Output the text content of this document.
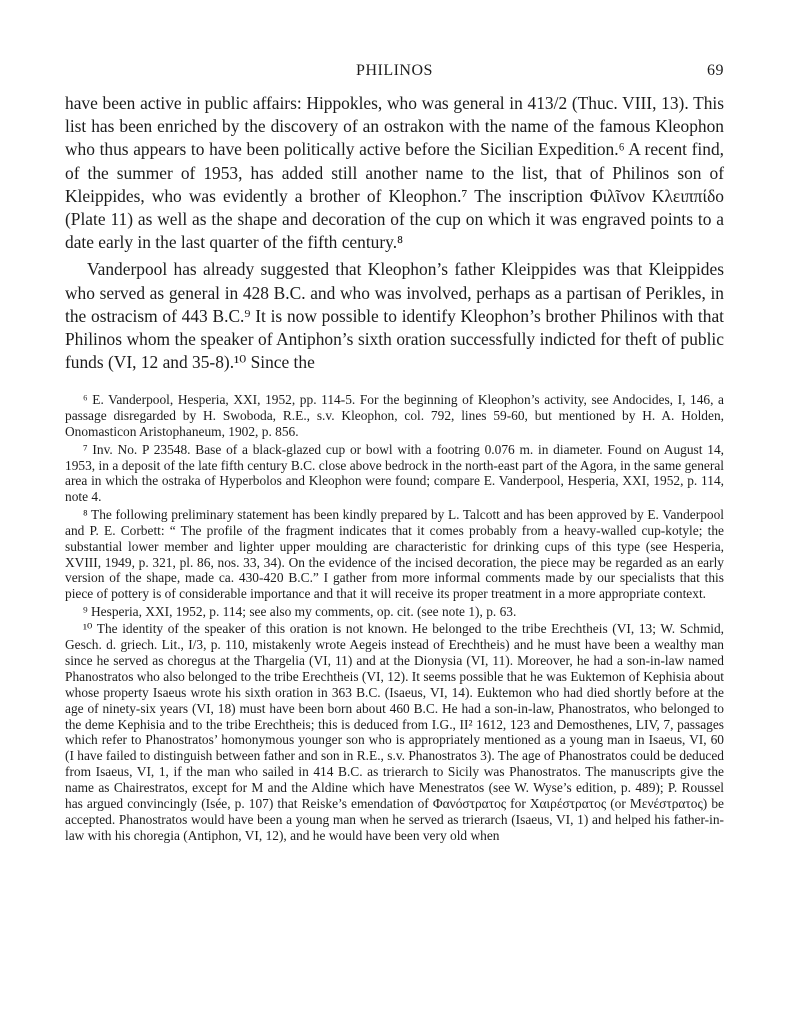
PHILINOS	69

have been active in public affairs: Hippokles, who was general in 413/2 (Thuc. VIII, 13). This list has been enriched by the discovery of an ostrakon with the name of the famous Kleophon who thus appears to have been politically active before the Sicilian Expedition.⁶ A recent find, of the summer of 1953, has added still another name to the list, that of Philinos son of Kleippides, who was evidently a brother of Kleophon.⁷ The inscription Φιλῖνον Κλειππίδο (Plate 11) as well as the shape and decoration of the cup on which it was engraved points to a date early in the last quarter of the fifth century.⁸

Vanderpool has already suggested that Kleophon’s father Kleippides was that Kleippides who served as general in 428 B.C. and who was involved, perhaps as a partisan of Perikles, in the ostracism of 443 B.C.⁹ It is now possible to identify Kleophon’s brother Philinos with that Philinos whom the speaker of Antiphon’s sixth oration successfully indicted for theft of public funds (VI, 12 and 35-8).¹⁰ Since the

⁶ E. Vanderpool, Hesperia, XXI, 1952, pp. 114-5. For the beginning of Kleophon’s activity, see Andocides, I, 146, a passage disregarded by H. Swoboda, R.E., s.v. Kleophon, col. 792, lines 59-60, but mentioned by H. A. Holden, Onomasticon Aristophaneum, 1902, p. 856.

⁷ Inv. No. P 23548. Base of a black-glazed cup or bowl with a footring 0.076 m. in diameter. Found on August 14, 1953, in a deposit of the late fifth century B.C. close above bedrock in the north-east part of the Agora, in the same general area in which the ostraka of Hyperbolos and Kleophon were found; compare E. Vanderpool, Hesperia, XXI, 1952, p. 114, note 4.

⁸ The following preliminary statement has been kindly prepared by L. Talcott and has been approved by E. Vanderpool and P. E. Corbett: “ The profile of the fragment indicates that it comes probably from a heavy-walled cup-kotyle; the substantial lower member and lighter upper moulding are characteristic for drinking cups of this type (see Hesperia, XVIII, 1949, p. 321, pl. 86, nos. 33, 34). On the evidence of the incised decoration, the piece may be regarded as an early version of the shape, made ca. 430-420 B.C.” I gather from more informal comments made by our specialists that this piece of pottery is of considerable importance and that it will receive its proper treatment in a more appropriate context.

⁹ Hesperia, XXI, 1952, p. 114; see also my comments, op. cit. (see note 1), p. 63.

¹⁰ The identity of the speaker of this oration is not known. He belonged to the tribe Erechtheis (VI, 13; W. Schmid, Gesch. d. griech. Lit., I/3, p. 110, mistakenly wrote Aegeis instead of Erechtheis) and he must have been a wealthy man since he served as choregus at the Thargelia (VI, 11) and at the Dionysia (VI, 11). Moreover, he had a son-in-law named Phanostratos who also belonged to the tribe Erechtheis (VI, 12). It seems possible that he was Euktemon of Kephisia about whose property Isaeus wrote his sixth oration in 363 B.C. (Isaeus, VI, 14). Euktemon who had died shortly before at the age of ninety-six years (VI, 18) must have been born about 460 B.C. He had a son-in-law, Phanostratos, who belonged to the deme Kephisia and to the tribe Erechtheis; this is deduced from I.G., II² 1612, 123 and Demosthenes, LIV, 7, passages which refer to Phanostratos’ homonymous younger son who is appropriately mentioned as a young man in Isaeus, VI, 60 (I have failed to distinguish between father and son in R.E., s.v. Phanostratos 3). The age of Phanostratos could be deduced from Isaeus, VI, 1, if the man who sailed in 414 B.C. as trierarch to Sicily was Phanostratos. The manuscripts give the name as Chairestratos, except for M and the Aldine which have Menestratos (see W. Wyse’s edition, p. 489); P. Roussel has argued convincingly (Isée, p. 107) that Reiske’s emendation of Φανόστρατος for Χαιρέστρατος (or Μενέστρατος) be accepted. Phanostratos would have been a young man when he served as trierarch (Isaeus, VI, 1) and helped his father-in-law with his choregia (Antiphon, VI, 12), and he would have been very old when
